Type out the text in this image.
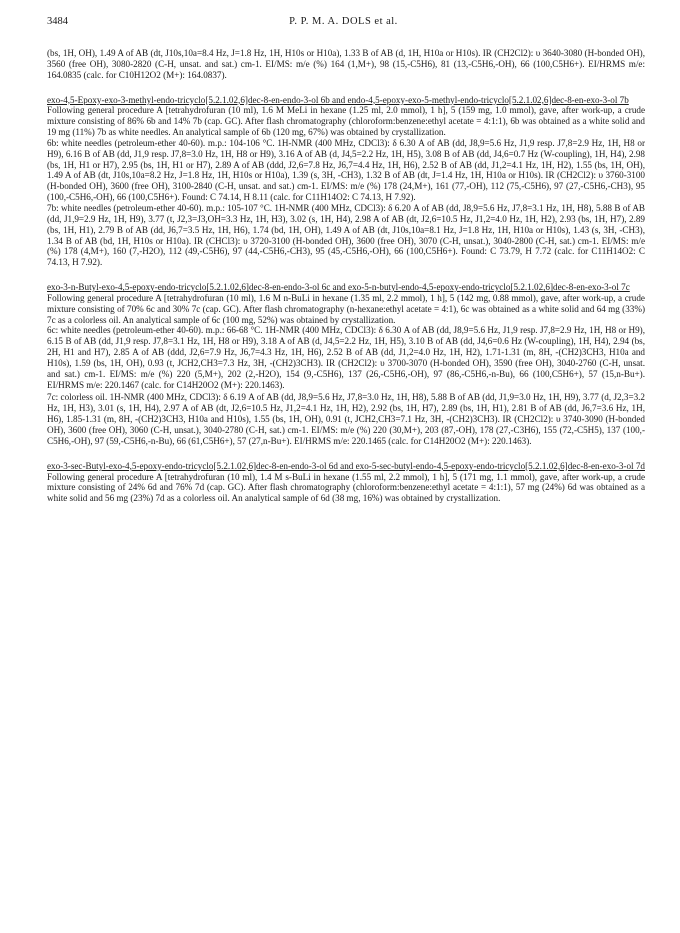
3484	P. P. M. A. DOLS et al.

(bs, 1H, OH), 1.49 A of AB (dt, J10s,10a=8.4 Hz, J=1.8 Hz, 1H, H10s or H10a), 1.33 B of AB (d, 1H, H10a or H10s). IR (CH2Cl2): υ 3640-3080 (H-bonded OH), 3560 (free OH), 3080-2820 (C-H, unsat. and sat.) cm-1. EI/MS: m/e (%) 164 (1,M+), 98 (15,-C5H6), 81 (13,-C5H6,-OH), 66 (100,C5H6+). EI/HRMS m/e: 164.0835 (calc. for C10H12O2 (M+): 164.0837).

exo-4,5-Epoxy-exo-3-methyl-endo-tricyclo[5.2.1.02,6]dec-8-en-endo-3-ol 6b and endo-4,5-epoxy-exo-5-methyl-endo-tricyclo[5.2.1.02,6]dec-8-en-exo-3-ol 7b

Following general procedure A [tetrahydrofuran (10 ml), 1.6 M MeLi in hexane (1.25 ml, 2.0 mmol), 1 h], 5 (159 mg, 1.0 mmol), gave, after work-up, a crude mixture consisting of 86% 6b and 14% 7b (cap. GC). After flash chromatography (chloroform:benzene:ethyl acetate = 4:1:1), 6b was obtained as a white solid and 19 mg (11%) 7b as white needles. An analytical sample of 6b (120 mg, 67%) was obtained by crystallization.

6b: white needles (petroleum-ether 40-60). m.p.: 104-106 °C. 1H-NMR (400 MHz, CDCl3): δ 6.30 A of AB (dd, J8,9=5.6 Hz, J1,9 resp. J7,8=2.9 Hz, 1H, H8 or H9), 6.16 B of AB (dd, J1,9 resp. J7,8=3.0 Hz, 1H, H8 or H9), 3.16 A of AB (d, J4,5=2.2 Hz, 1H, H5), 3.08 B of AB (dd, J4,6=0.7 Hz (W-coupling), 1H, H4), 2.98 (bs, 1H, H1 or H7), 2.95 (bs, 1H, H1 or H7), 2.89 A of AB (ddd, J2,6=7.8 Hz, J6,7=4.4 Hz, 1H, H6), 2.52 B of AB (dd, J1,2=4.1 Hz, 1H, H2), 1.55 (bs, 1H, OH), 1.49 A of AB (dt, J10s,10a=8.2 Hz, J=1.8 Hz, 1H, H10s or H10a), 1.39 (s, 3H, -CH3), 1.32 B of AB (dt, J=1.4 Hz, 1H, H10a or H10s). IR (CH2Cl2): υ 3760-3100 (H-bonded OH), 3600 (free OH), 3100-2840 (C-H, unsat. and sat.) cm-1. EI/MS: m/e (%) 178 (24,M+), 161 (77,-OH), 112 (75,-C5H6), 97 (27,-C5H6,-CH3), 95 (100,-C5H6,-OH), 66 (100,C5H6+). Found: C 74.14, H 8.11 (calc. for C11H14O2: C 74.13, H 7.92).

7b: white needles (petroleum-ether 40-60). m.p.: 105-107 °C. 1H-NMR (400 MHz, CDCl3): δ 6.20 A of AB (dd, J8,9=5.6 Hz, J7,8=3.1 Hz, 1H, H8), 5.88 B of AB (dd, J1,9=2.9 Hz, 1H, H9), 3.77 (t, J2,3=J3,OH=3.3 Hz, 1H, H3), 3.02 (s, 1H, H4), 2.98 A of AB (dt, J2,6=10.5 Hz, J1,2=4.0 Hz, 1H, H2), 2.93 (bs, 1H, H7), 2.89 (bs, 1H, H1), 2.79 B of AB (dd, J6,7=3.5 Hz, 1H, H6), 1.74 (bd, 1H, OH), 1.49 A of AB (dt, J10s,10a=8.1 Hz, J=1.8 Hz, 1H, H10a or H10s), 1.43 (s, 3H, -CH3), 1.34 B of AB (bd, 1H, H10s or H10a). IR (CHCl3): υ 3720-3100 (H-bonded OH), 3600 (free OH), 3070 (C-H, unsat.), 3040-2800 (C-H, sat.) cm-1. EI/MS: m/e (%) 178 (4,M+), 160 (7,-H2O), 112 (49,-C5H6), 97 (44,-C5H6,-CH3), 95 (45,-C5H6,-OH), 66 (100,C5H6+). Found: C 73.79, H 7.72 (calc. for C11H14O2: C 74.13, H 7.92).

exo-3-n-Butyl-exo-4,5-epoxy-endo-tricyclo[5.2.1.02,6]dec-8-en-endo-3-ol 6c and exo-5-n-butyl-endo-4,5-epoxy-endo-tricyclo[5.2.1.02,6]dec-8-en-exo-3-ol 7c

Following general procedure A [tetrahydrofuran (10 ml), 1.6 M n-BuLi in hexane (1.35 ml, 2.2 mmol), 1 h], 5 (142 mg, 0.88 mmol), gave, after work-up, a crude mixture consisting of 70% 6c and 30% 7c (cap. GC). After flash chromatography (n-hexane:ethyl acetate = 4:1), 6c was obtained as a white solid and 64 mg (33%) 7c as a colorless oil. An analytical sample of 6c (100 mg, 52%) was obtained by crystallization.

6c: white needles (petroleum-ether 40-60). m.p.: 66-68 °C. 1H-NMR (400 MHz, CDCl3): δ 6.30 A of AB (dd, J8,9=5.6 Hz, J1,9 resp. J7,8=2.9 Hz, 1H, H8 or H9), 6.15 B of AB (dd, J1,9 resp. J7,8=3.1 Hz, 1H, H8 or H9), 3.18 A of AB (d, J4,5=2.2 Hz, 1H, H5), 3.10 B of AB (dd, J4,6=0.6 Hz (W-coupling), 1H, H4), 2.94 (bs, 2H, H1 and H7), 2.85 A of AB (ddd, J2,6=7.9 Hz, J6,7=4.3 Hz, 1H, H6), 2.52 B of AB (dd, J1,2=4.0 Hz, 1H, H2), 1.71-1.31 (m, 8H, -(CH2)3CH3, H10a and H10s), 1.59 (bs, 1H, OH), 0.93 (t, JCH2,CH3=7.3 Hz, 3H, -(CH2)3CH3). IR (CH2Cl2): υ 3700-3070 (H-bonded OH), 3590 (free OH), 3040-2760 (C-H, unsat. and sat.) cm-1. EI/MS: m/e (%) 220 (5,M+), 202 (2,-H2O), 154 (9,-C5H6), 137 (26,-C5H6,-OH), 97 (86,-C5H6,-n-Bu), 66 (100,C5H6+), 57 (15,n-Bu+). EI/HRMS m/e: 220.1467 (calc. for C14H20O2 (M+): 220.1463).

7c: colorless oil. 1H-NMR (400 MHz, CDCl3): δ 6.19 A of AB (dd, J8,9=5.6 Hz, J7,8=3.0 Hz, 1H, H8), 5.88 B of AB (dd, J1,9=3.0 Hz, 1H, H9), 3.77 (d, J2,3=3.2 Hz, 1H, H3), 3.01 (s, 1H, H4), 2.97 A of AB (dt, J2,6=10.5 Hz, J1,2=4.1 Hz, 1H, H2), 2.92 (bs, 1H, H7), 2.89 (bs, 1H, H1), 2.81 B of AB (dd, J6,7=3.6 Hz, 1H, H6), 1.85-1.31 (m, 8H, -(CH2)3CH3, H10a and H10s), 1.55 (bs, 1H, OH), 0.91 (t, JCH2,CH3=7.1 Hz, 3H, -(CH2)3CH3). IR (CH2Cl2): υ 3740-3090 (H-bonded OH), 3600 (free OH), 3060 (C-H, unsat.), 3040-2780 (C-H, sat.) cm-1. EI/MS: m/e (%) 220 (30,M+), 203 (87,-OH), 178 (27,-C3H6), 155 (72,-C5H5), 137 (100,-C5H6,-OH), 97 (59,-C5H6,-n-Bu), 66 (61,C5H6+), 57 (27,n-Bu+). EI/HRMS m/e: 220.1465 (calc. for C14H20O2 (M+): 220.1463).

exo-3-sec-Butyl-exo-4,5-epoxy-endo-tricyclo[5.2.1.02,6]dec-8-en-endo-3-ol 6d and exo-5-sec-butyl-endo-4,5-epoxy-endo-tricyclo[5.2.1.02,6]dec-8-en-exo-3-ol 7d

Following general procedure A [tetrahydrofuran (10 ml), 1.4 M s-BuLi in hexane (1.55 ml, 2.2 mmol), 1 h], 5 (171 mg, 1.1 mmol), gave, after work-up, a crude mixture consisting of 24% 6d and 76% 7d (cap. GC). After flash chromatography (chloroform:benzene:ethyl acetate = 4:1:1), 57 mg (24%) 6d was obtained as a white solid and 56 mg (23%) 7d as a colorless oil. An analytical sample of 6d (38 mg, 16%) was obtained by crystallization.
